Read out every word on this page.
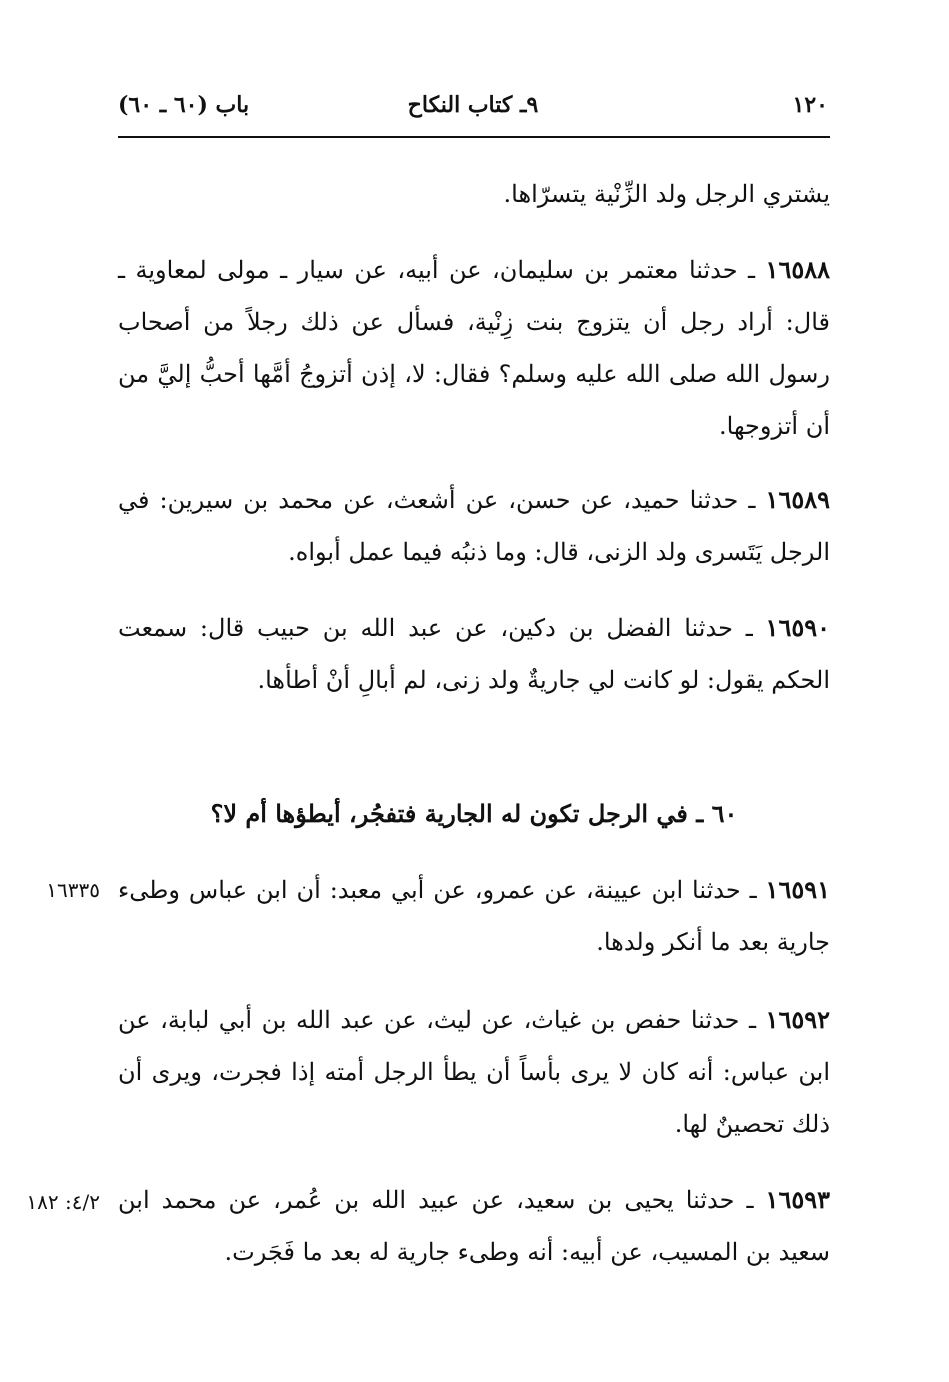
١٢٠
٩ـ كتاب النكاح
باب (٦٠ ـ ٦٠)
يشتري الرجل ولد الزِّنْية يتسرّاها.
١٦٥٨٨ ـ حدثنا معتمر بن سليمان، عن أبيه، عن سيار ـ مولى لمعاوية ـ قال: أراد رجل أن يتزوج بنت زِنْية، فسأل عن ذلك رجلاً من أصحاب رسول الله صلى الله عليه وسلم؟ فقال: لا، إذن أتزوجُ أمَّها أحبُّ إليَّ من أن أتزوجها.
١٦٥٨٩ ـ حدثنا حميد، عن حسن، عن أشعث، عن محمد بن سيرين: في الرجل يَتَسرى ولد الزنى، قال: وما ذنبُه فيما عمل أبواه.
١٦٥٩٠ ـ حدثنا الفضل بن دكين، عن عبد الله بن حبيب قال: سمعت الحكم يقول: لو كانت لي جاريةٌ ولد زنى، لم أبالِ أنْ أطأها.
٦٠ ـ في الرجل تكون له الجارية فتفجُر، أيطؤها أم لا؟
١٦٣٣٥	١٦٥٩١ ـ حدثنا ابن عيينة، عن عمرو، عن أبي معبد: أن ابن عباس وطىء جارية بعد ما أنكر ولدها.
١٦٥٩٢ ـ حدثنا حفص بن غياث، عن ليث، عن عبد الله بن أبي لبابة، عن ابن عباس: أنه كان لا يرى بأساً أن يطأ الرجل أمته إذا فجرت، ويرى أن ذلك تحصينٌ لها.
٤/٢: ١٨٢	١٦٥٩٣ ـ حدثنا يحيى بن سعيد، عن عبيد الله بن عُمر، عن محمد ابن سعيد بن المسيب، عن أبيه: أنه وطىء جارية له بعد ما فَجَرت.
